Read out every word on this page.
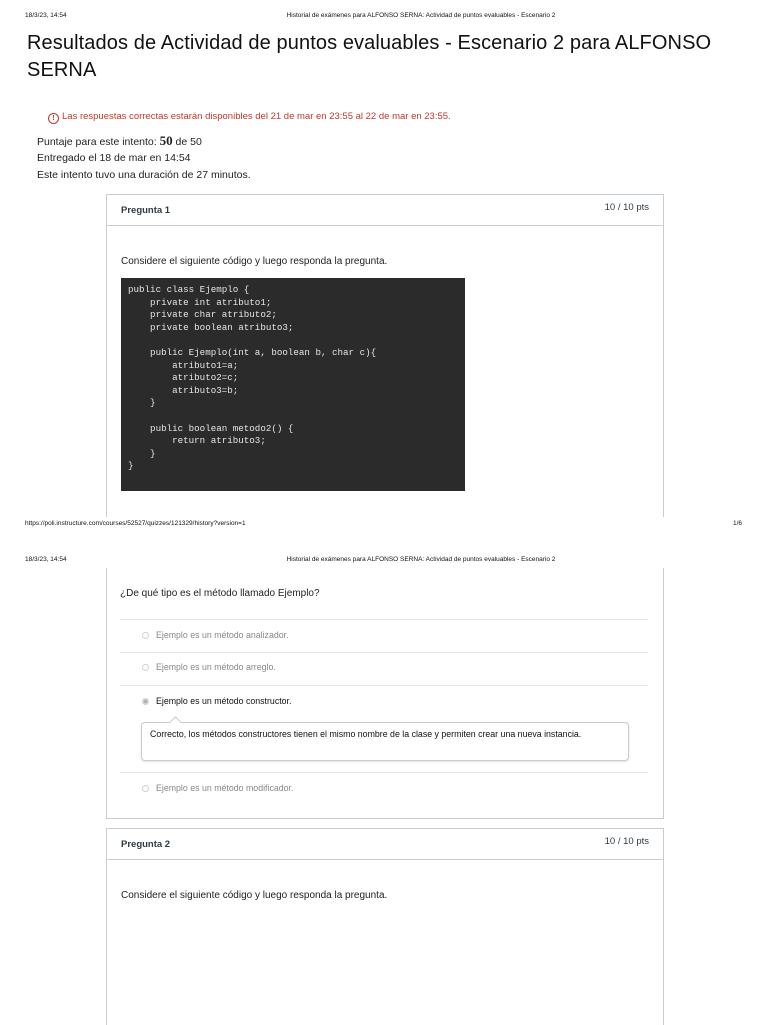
18/3/23, 14:54	Historial de exámenes para ALFONSO SERNA: Actividad de puntos evaluables - Escenario 2
Resultados de Actividad de puntos evaluables - Escenario 2 para ALFONSO SERNA
! Las respuestas correctas estarán disponibles del 21 de mar en 23:55 al 22 de mar en 23:55.
Puntaje para este intento: 50 de 50
Entregado el 18 de mar en 14:54
Este intento tuvo una duración de 27 minutos.
Pregunta 1	10 / 10 pts
Considere el siguiente código y luego responda la pregunta.
public class Ejemplo {
private int atributo1;
private char atributo2;
private boolean atributo3;

public Ejemplo(int a, boolean b, char c){
atributo1=a;
atributo2=c;
atributo3=b;
}

public boolean metodo2() {
return atributo3;
}
}
https://poli.instructure.com/courses/52527/quizzes/121329/history?version=1	1/6
18/3/23, 14:54	Historial de exámenes para ALFONSO SERNA: Actividad de puntos evaluables - Escenario 2
¿De qué tipo es el método llamado Ejemplo?
Ejemplo es un método analizador.
Ejemplo es un método arreglo.
Ejemplo es un método constructor.
Correcto, los métodos constructores tienen el mismo nombre de la clase y permiten crear una nueva instancia.
Ejemplo es un método modificador.
Pregunta 2	10 / 10 pts
Considere el siguiente código y luego responda la pregunta.
